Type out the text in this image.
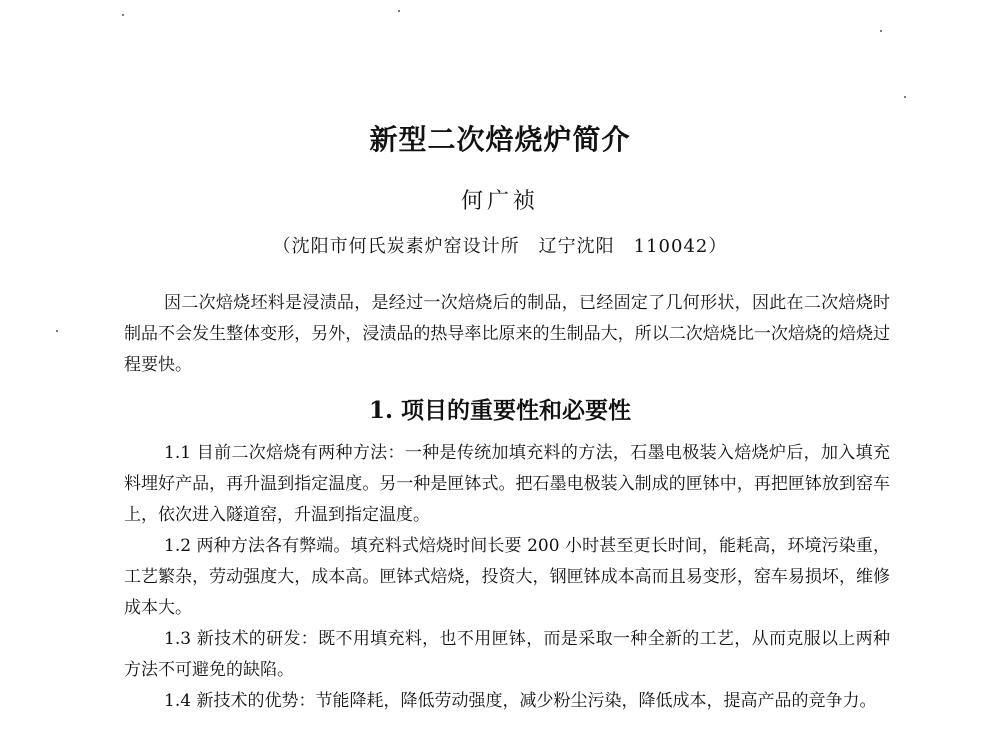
新型二次焙烧炉简介
何广祯
（沈阳市何氏炭素炉窑设计所　辽宁沈阳　110042）

因二次焙烧坯料是浸渍品，是经过一次焙烧后的制品，已经固定了几何形状，因此在二次焙烧时制品不会发生整体变形，另外，浸渍品的热导率比原来的生制品大，所以二次焙烧比一次焙烧的焙烧过程要快。

1. 项目的重要性和必要性

1.1 目前二次焙烧有两种方法：一种是传统加填充料的方法，石墨电极装入焙烧炉后，加入填充料埋好产品，再升温到指定温度。另一种是匣钵式。把石墨电极装入制成的匣钵中，再把匣钵放到窑车上，依次进入隧道窑，升温到指定温度。

1.2 两种方法各有弊端。填充料式焙烧时间长要 200 小时甚至更长时间，能耗高，环境污染重，工艺繁杂，劳动强度大，成本高。匣钵式焙烧，投资大，钢匣钵成本高而且易变形，窑车易损坏，维修成本大。

1.3 新技术的研发：既不用填充料，也不用匣钵，而是采取一种全新的工艺，从而克服以上两种方法不可避免的缺陷。

1.4 新技术的优势：节能降耗，降低劳动强度，减少粉尘污染，降低成本，提高产品的竞争力。
